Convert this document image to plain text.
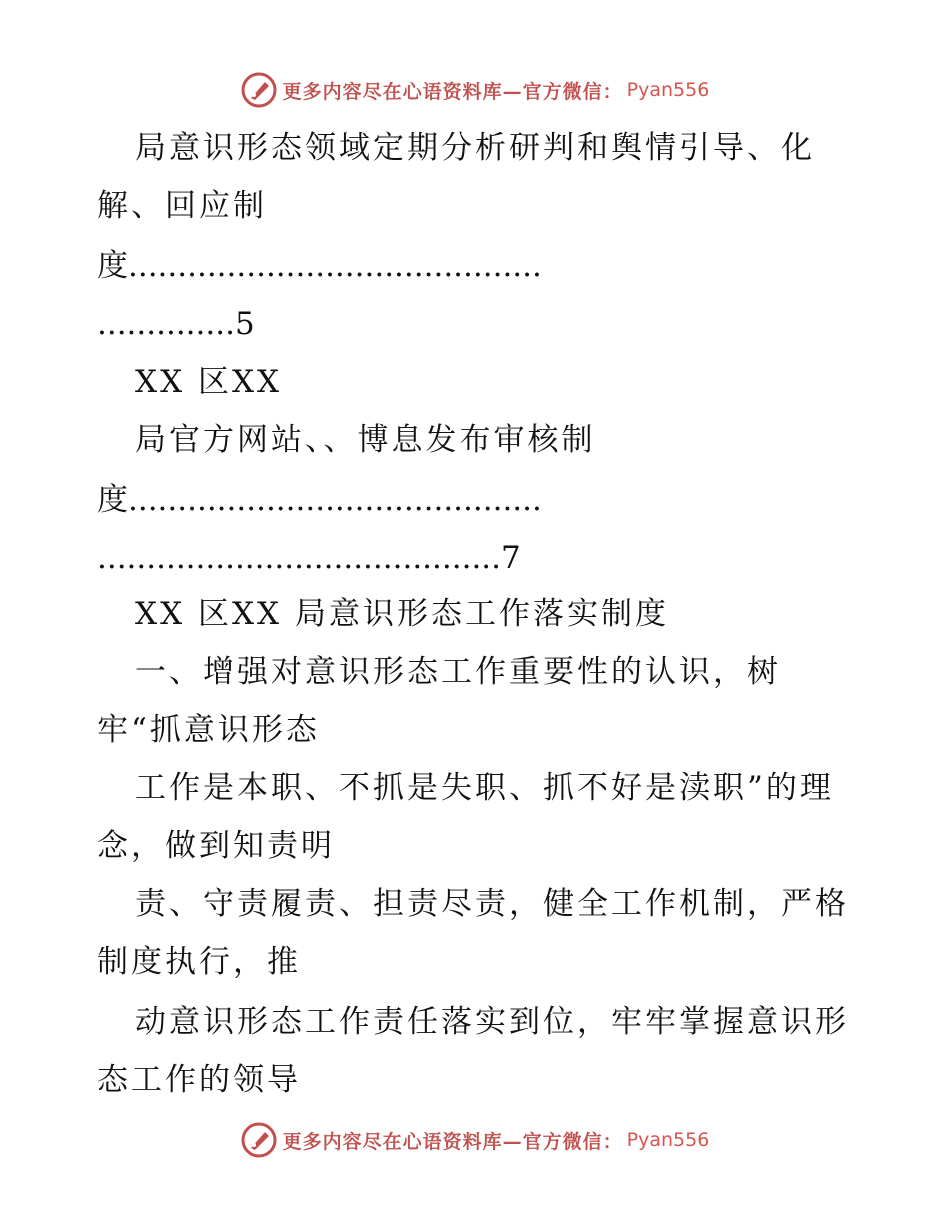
更多内容尽在心语资料库—官方微信： Pyan556
局意识形态领域定期分析研判和舆情引导、化
解、回应制
度..........................................
..............5
XX 区XX
局官方网站、、博息发布审核制
度..........................................
.........................................7
XX 区XX 局意识形态工作落实制度
一、增强对意识形态工作重要性的认识，树
牢“抓意识形态
工作是本职、不抓是失职、抓不好是渎职”的理
念，做到知责明
责、守责履责、担责尽责，健全工作机制，严格
制度执行，推
动意识形态工作责任落实到位，牢牢掌握意识形
态工作的领导
更多内容尽在心语资料库—官方微信： Pyan556
